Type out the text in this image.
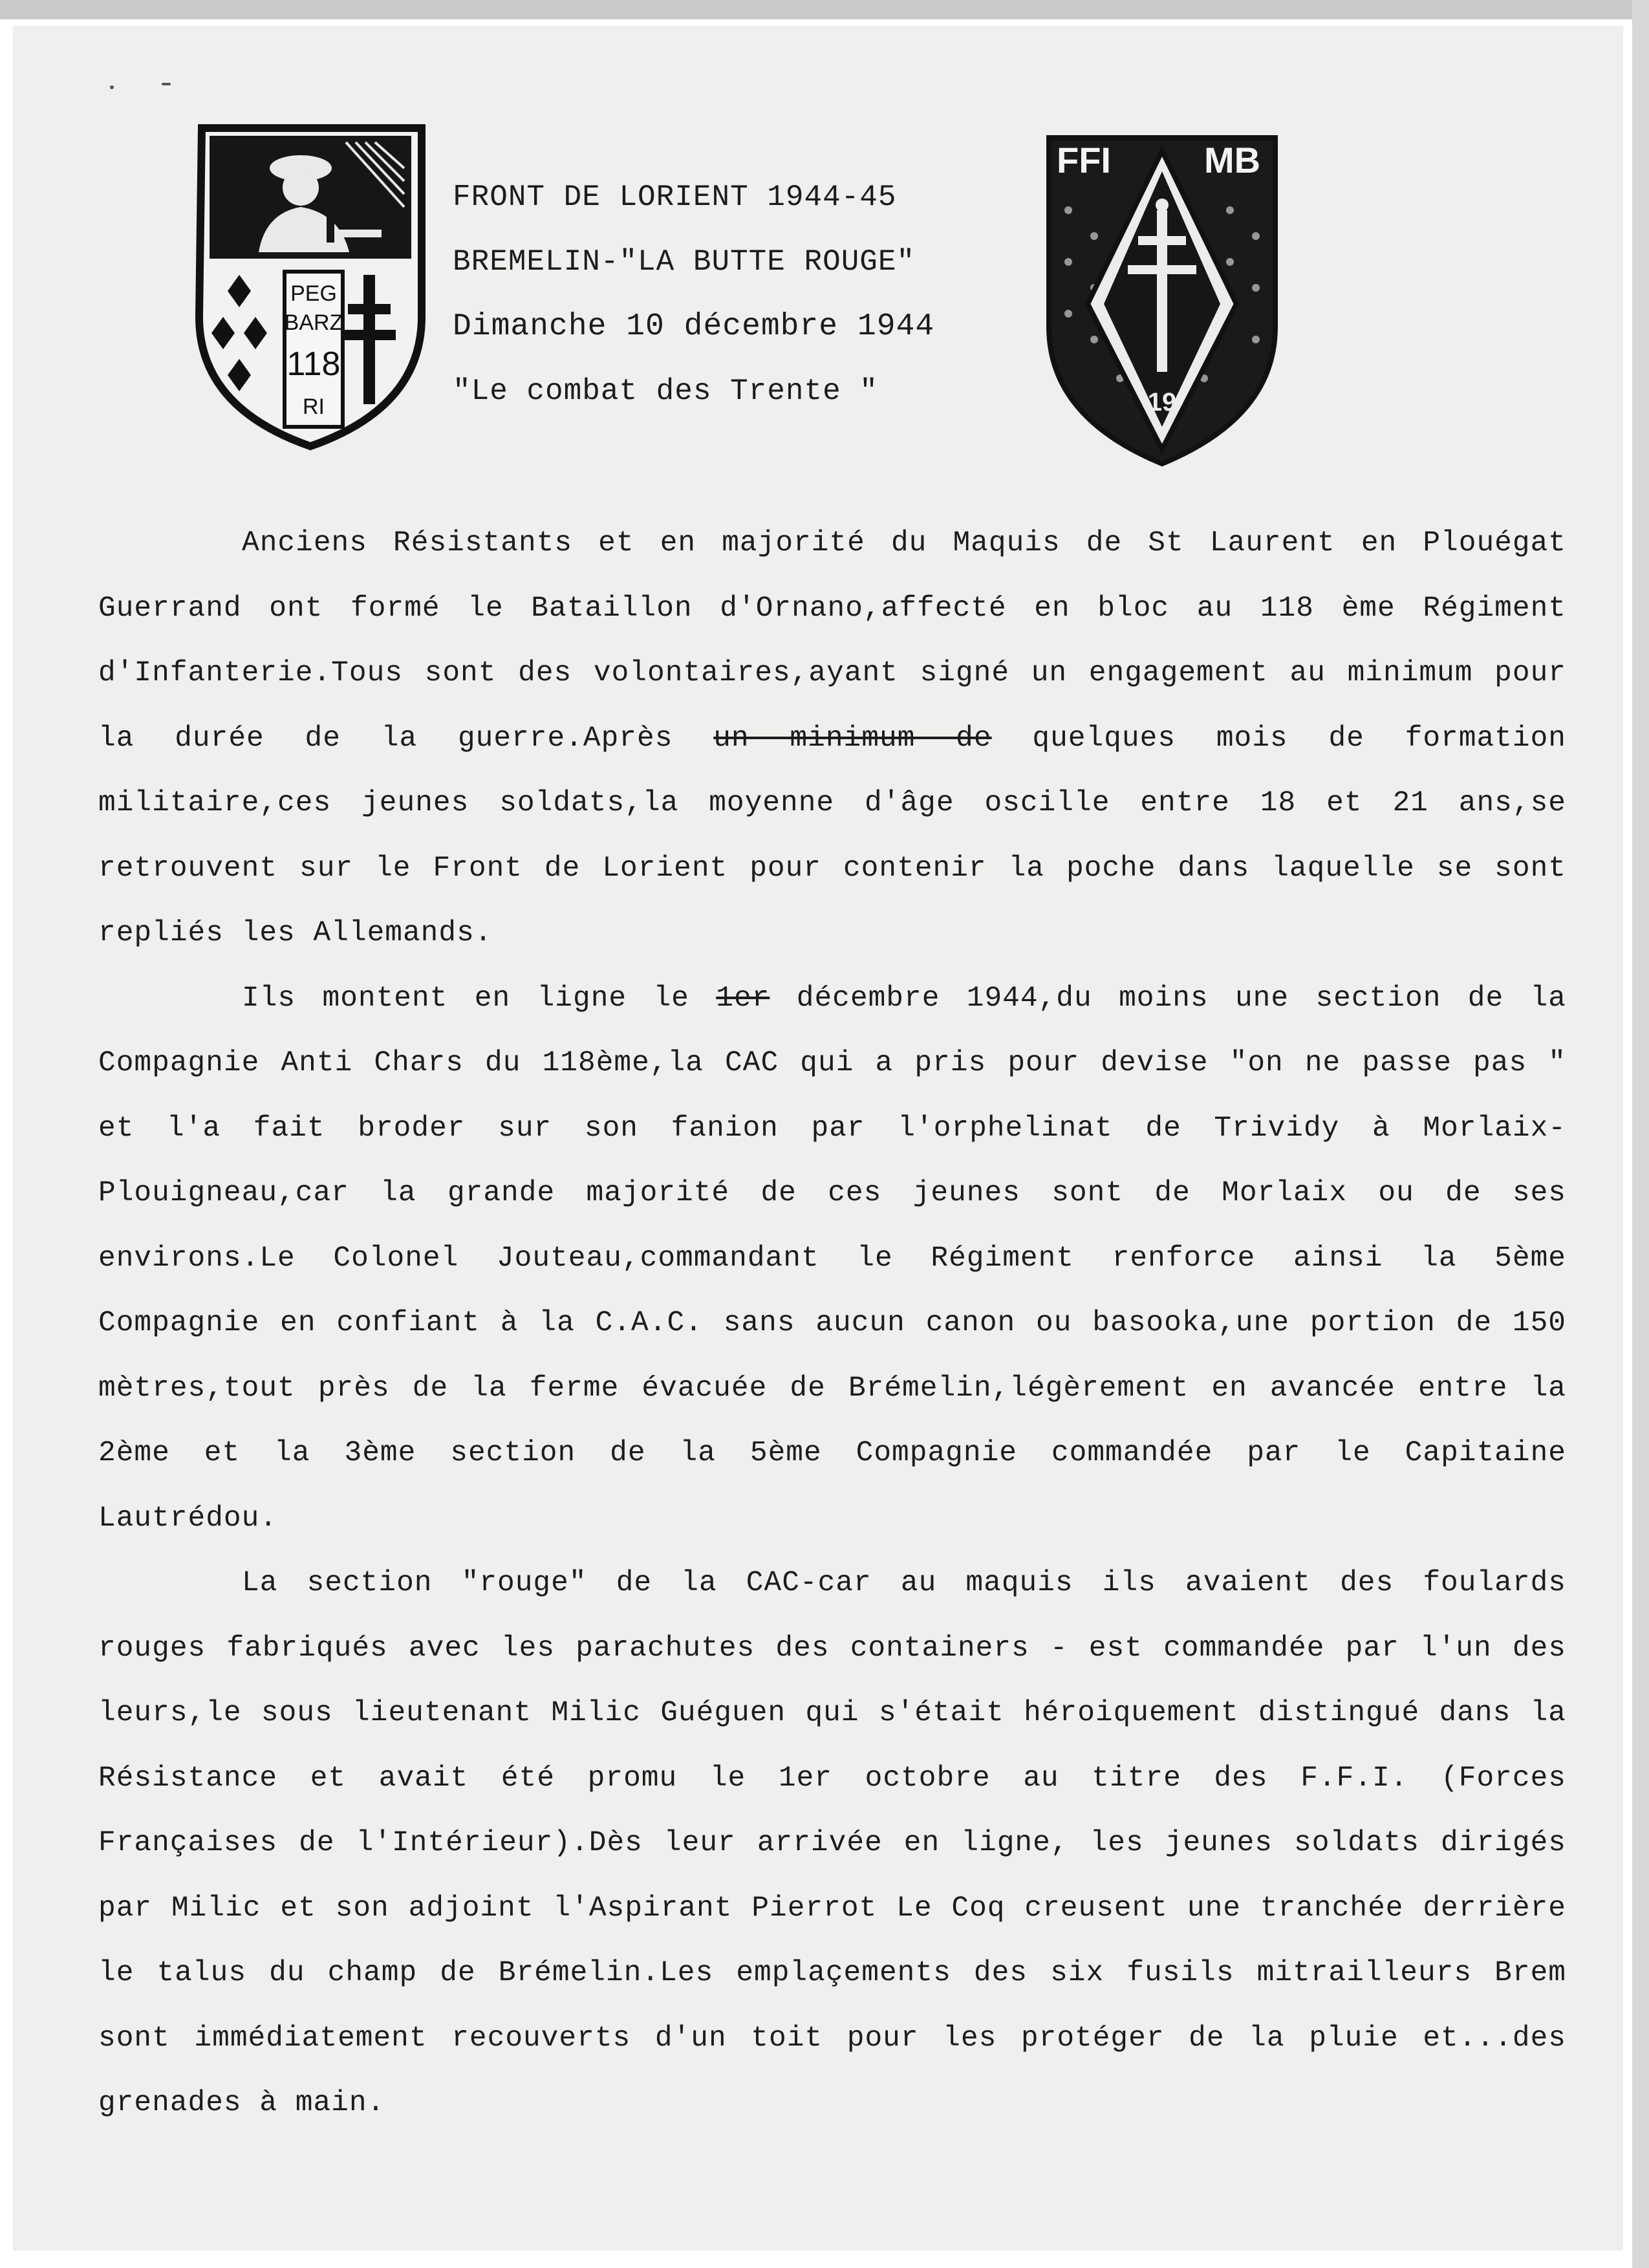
PEG
BARZ
118
RI
FFI	MB
19
FRONT DE LORIENT 1944-45
BREMELIN-"LA BUTTE ROUGE"
Dimanche 10 décembre 1944
"Le combat des Trente "

Anciens Résistants et en majorité du Maquis de St Laurent en Plouégat Guerrand ont formé le Bataillon d'Ornano,affecté en bloc au 118 ème Régiment d'Infanterie.Tous sont des volontaires,ayant signé un engagement au minimum pour la durée de la guerre.Après un minimum de quelques mois de formation militaire,ces jeunes soldats,la moyenne d'âge oscille entre 18 et 21 ans,se retrouvent sur le Front de Lorient pour contenir la poche dans laquelle se sont repliés les Allemands.

Ils montent en ligne le 1er décembre 1944,du moins une section de la Compagnie Anti Chars du 118ème,la CAC qui a pris pour devise "on ne passe pas " et l'a fait broder sur son fanion par l'orphelinat de Trividy à Morlaix-Plouigneau,car la grande majorité de ces jeunes sont de Morlaix ou de ses environs.Le Colonel Jouteau,commandant le Régiment renforce ainsi la 5ème Compagnie en confiant à la C.A.C. sans aucun canon ou basooka,une portion de 150 mètres,tout près de la ferme évacuée de Brémelin,légèrement en avancée entre la 2ème et la 3ème section de la 5ème Compagnie commandée par le Capitaine Lautrédou.

La section "rouge" de la CAC-car au maquis ils avaient des foulards rouges fabriqués avec les parachutes des containers - est commandée par l'un des leurs,le sous lieutenant Milic Guéguen qui s'était héroiquement distingué dans la Résistance et avait été promu le 1er octobre au titre des F.F.I. (Forces Françaises de l'Intérieur).Dès leur arrivée en ligne, les jeunes soldats dirigés par Milic et son adjoint l'Aspirant Pierrot Le Coq creusent une tranchée derrière le talus du champ de Brémelin.Les emplaçements des six fusils mitrailleurs Brem sont immédiatement recouverts d'un toit pour les protéger de la pluie et...des grenades à main.
